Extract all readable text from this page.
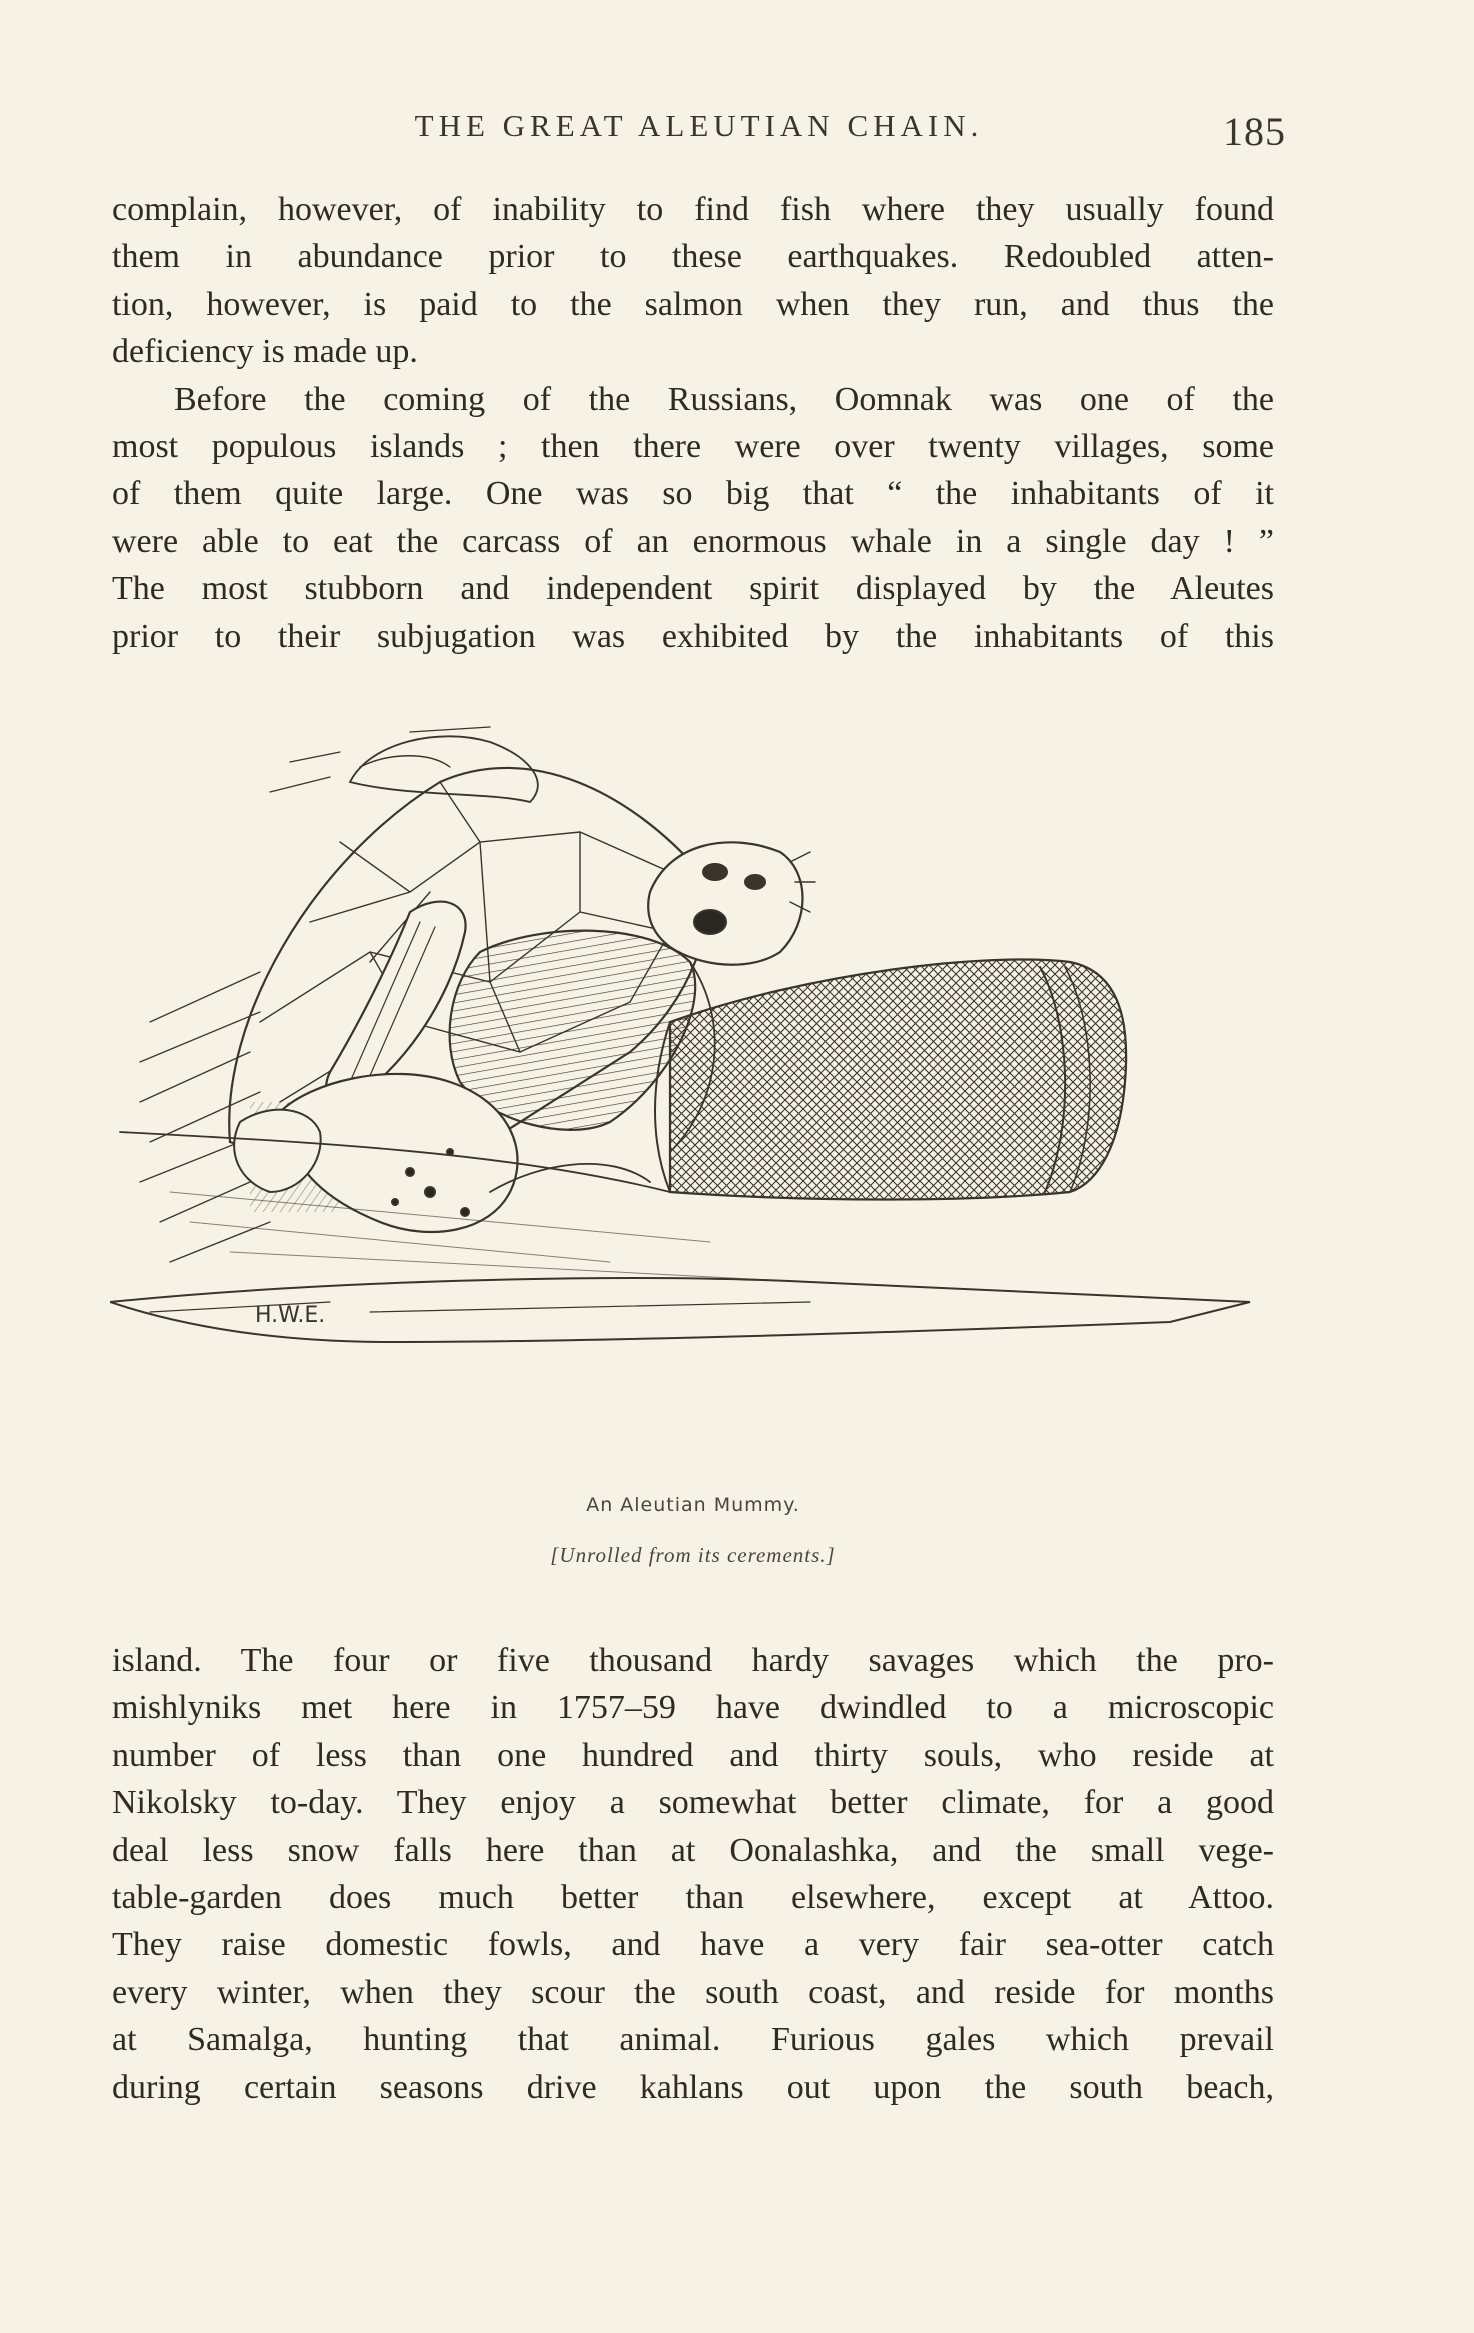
THE GREAT ALEUTIAN CHAIN.	185
complain, however, of inability to find fish where they usually found
them in abundance prior to these earthquakes. Redoubled atten-
tion, however, is paid to the salmon when they run, and thus the
deficiency is made up.
Before the coming of the Russians, Oomnak was one of the
most populous islands ; then there were over twenty villages, some
of them quite large. One was so big that “ the inhabitants of it
were able to eat the carcass of an enormous whale in a single day ! ”
The most stubborn and independent spirit displayed by the Aleutes
prior to their subjugation was exhibited by the inhabitants of this
H.W.E.
An Aleutian Mummy.
[Unrolled from its cerements.]
island. The four or five thousand hardy savages which the pro-
mishlyniks met here in 1757–59 have dwindled to a microscopic
number of less than one hundred and thirty souls, who reside at
Nikolsky to-day. They enjoy a somewhat better climate, for a good
deal less snow falls here than at Oonalashka, and the small vege-
table-garden does much better than elsewhere, except at Attoo.
They raise domestic fowls, and have a very fair sea-otter catch
every winter, when they scour the south coast, and reside for months
at Samalga, hunting that animal. Furious gales which prevail
during certain seasons drive kahlans out upon the south beach,
